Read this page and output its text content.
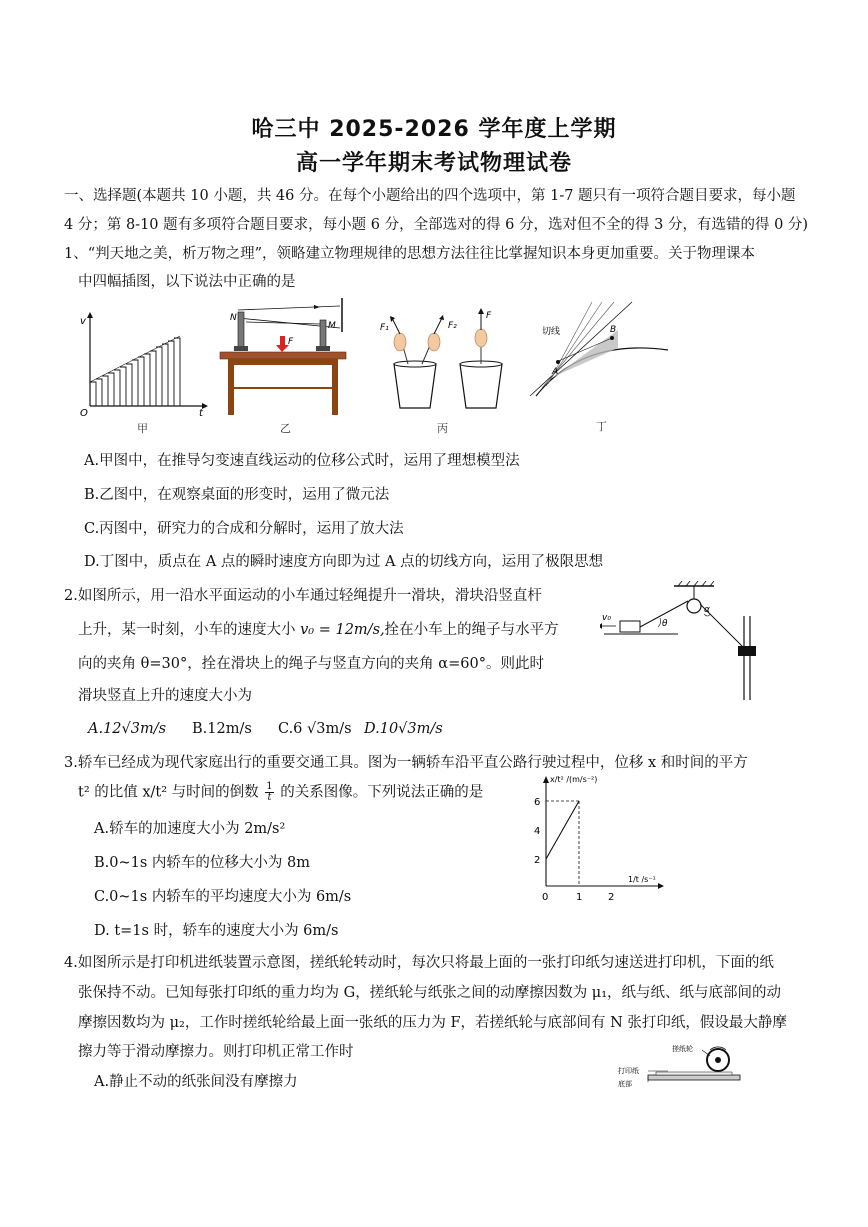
哈三中 2025-2026 学年度上学期
高一学年期末考试物理试卷
一、选择题(本题共 10 小题，共 46 分。在每个小题给出的四个选项中，第 1-7 题只有一项符合题目要求，每小题
4 分；第 8-10 题有多项符合题目要求，每小题 6 分，全部选对的得 6 分，选对但不全的得 3 分，有选错的得 0 分)
1、“判天地之美，析万物之理”，领略建立物理规律的思想方法往往比掌握知识本身更加重要。关于物理课本
中四幅插图，以下说法中正确的是
v
t
O
甲
N
M
F
乙
F₁	F₂
F
丙
切线
A
B
丁
A.甲图中，在推导匀变速直线运动的位移公式时，运用了理想模型法
B.乙图中，在观察桌面的形变时，运用了微元法
C.丙图中，研究力的合成和分解时，运用了放大法
D.丁图中，质点在 A 点的瞬时速度方向即为过 A 点的切线方向，运用了极限思想
2.如图所示，用一沿水平面运动的小车通过轻绳提升一滑块，滑块沿竖直杆
上升，某一时刻，小车的速度大小 v₀ = 12m/s,拴在小车上的绳子与水平方
向的夹角 θ=30°，拴在滑块上的绳子与竖直方向的夹角 α=60°。则此时
滑块竖直上升的速度大小为
A.12√3m/s B.12m/s C.6 √3m/s D.10√3m/s
v₀
θ
α
3.轿车已经成为现代家庭出行的重要交通工具。图为一辆轿车沿平直公路行驶过程中，位移 x 和时间的平方
t² 的比值 x/t² 与时间的倒数 $\frac{1}{t}$ 的关系图像。下列说法正确的是
A.轿车的加速度大小为 2m/s²
B.0~1s 内轿车的位移大小为 8m
C.0~1s 内轿车的平均速度大小为 6m/s
D. t=1s 时，轿车的速度大小为 6m/s
x/t² /(m/s⁻²)
1/t /s⁻¹
2
4
6
0	1	2
4.如图所示是打印机进纸装置示意图，搓纸轮转动时，每次只将最上面的一张打印纸匀速送进打印机，下面的纸
张保持不动。已知每张打印纸的重力均为 G，搓纸轮与纸张之间的动摩擦因数为 μ₁，纸与纸、纸与底部间的动
摩擦因数均为 μ₂，工作时搓纸轮给最上面一张纸的压力为 F，若搓纸轮与底部间有 N 张打印纸，假设最大静摩
擦力等于滑动摩擦力。则打印机正常工作时
A.静止不动的纸张间没有摩擦力
搓纸轮
打印纸
底部
